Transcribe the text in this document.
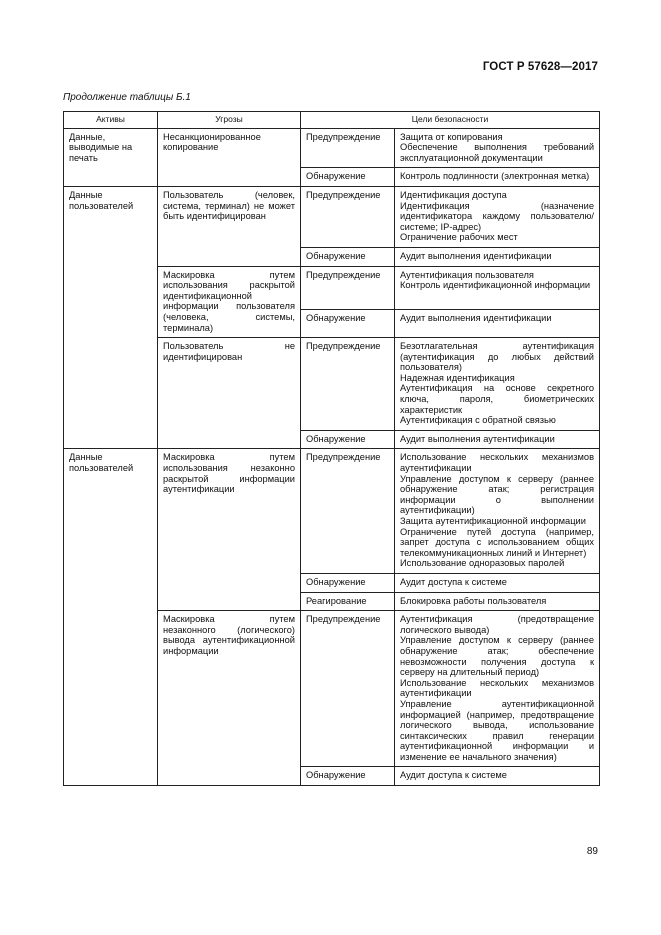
ГОСТ Р 57628—2017
Продолжение таблицы Б.1
Активы	Угрозы	Цели безопасности	
Данные, выводимые на печать	Несанкционированное копирование	Предупреждение	Защита от копирования
Обеспечение выполнения требований эксплуатационной документации

		Обнаружение	Контроль подлинности (электронная метка)

Данные пользователей	Пользователь (человек, система, терминал) не может быть идентифицирован	Предупреждение	Идентификация доступа
Идентификация (назначение идентификатора каждому пользователю/системе; IP-адрес)
Ограничение рабочих мест

		Обнаружение	Аудит выполнения идентификации

	Маскировка путем использования раскрытой идентификационной информации пользователя (человека, системы, терминала)	Предупреждение	Аутентификация пользователя
Контроль идентификационной информации

		Обнаружение	Аудит выполнения идентификации

	Пользователь не идентифицирован	Предупреждение	Безотлагательная аутентификация (аутентификация до любых действий пользователя)
Надежная идентификация
Аутентификация на основе секретного ключа, пароля, биометрических характеристик
Аутентификация с обратной связью

		Обнаружение	Аудит выполнения аутентификации

Данные пользователей	Маскировка путем использования незаконно раскрытой информации аутентификации	Предупреждение	Использование нескольких механизмов аутентификации
Управление доступом к серверу (раннее обнаружение атак; регистрация информации о выполнении аутентификации)
Защита аутентификационной информации
Ограничение путей доступа (например, запрет доступа с использованием общих телекоммуникационных линий и Интернет)
Использование одноразовых паролей

		Обнаружение	Аудит доступа к системе

		Реагирование	Блокировка работы пользователя

	Маскировка путем незаконного (логического) вывода аутентификационной информации	Предупреждение	Аутентификация (предотвращение логического вывода)
Управление доступом к серверу (раннее обнаружение атак; обеспечение невозможности получения доступа к серверу на длительный период)
Использование нескольких механизмов аутентификации
Управление аутентификационной информацией (например, предотвращение логического вывода, использование синтаксических правил генерации аутентификационной информации и изменение ее начального значения)

		Обнаружение	Аудит доступа к системе
89
